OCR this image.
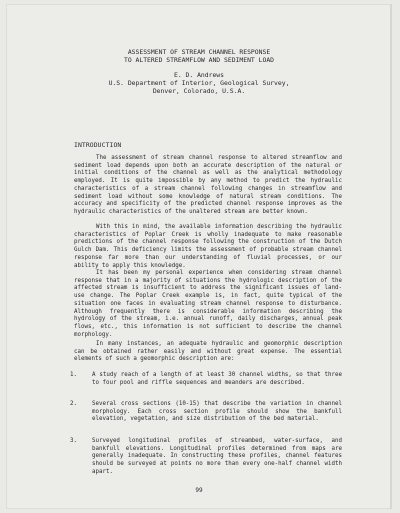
ASSESSMENT OF STREAM CHANNEL RESPONSE
TO ALTERED STREAMFLOW AND SEDIMENT LOAD
E. D. Andrews
U.S. Department of Interior, Geological Survey,
Denver, Colorado, U.S.A.
INTRODUCTION

The assessment of stream channel response to altered streamflow and sediment load depends upon both an accurate description of the natural or initial conditions of the channel as well as the analytical methodology employed. It is quite impossible by any method to predict the hydraulic characteristics of a stream channel following changes in streamflow and sediment load without some knowledge of natural stream conditions. The accuracy and specificity of the predicted channel response improves as the hydraulic characteristics of the unaltered stream are better known.

With this in mind, the available information describing the hydraulic characteristics of Poplar Creek is wholly inadequate to make reasonable predictions of the channel response following the construction of the Dutch Gulch Dam. This deficiency limits the assessment of probable stream channel response far more than our understanding of fluvial processes, or our ability to apply this knowledge.

It has been my personal experience when considering stream channel response that in a majority of situations the hydrologic description of the affected stream is insufficient to address the significant issues of land-use change. The Poplar Creek example is, in fact, quite typical of the situation one faces in evaluating stream channel response to disturbance. Although frequently there is considerable information describing the hydrology of the stream, i.e. annual runoff, daily discharges, annual peak flows, etc., this information is not sufficient to describe the channel morphology.

In many instances, an adequate hydraulic and geomorphic description can be obtained rather easily and without great expense. The essential elements of such a geomorphic description are:

1.	A study reach of a length of at least 30 channel widths, so that three to four pool and riffle sequences and meanders are described.
2.	Several cross sections (10-15) that describe the variation in channel morphology. Each cross section profile should show the bankfull elevation, vegetation, and size distribution of the bed material.
3.	Surveyed longitudinal profiles of streambed, water-surface, and bankfull elevations. Longitudinal profiles determined from maps are generally inadequate. In constructing these profiles, channel features should be surveyed at points no more than every one-half channel width apart.
99
